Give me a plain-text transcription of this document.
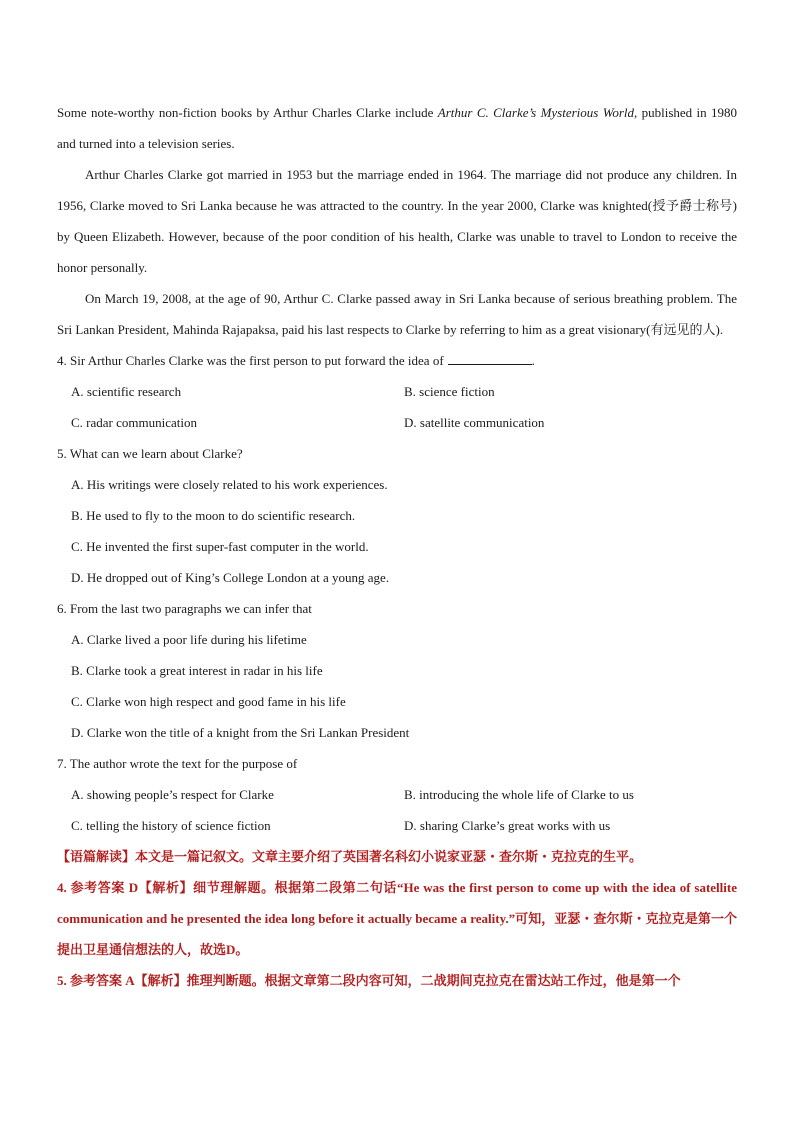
Some note-worthy non-fiction books by Arthur Charles Clarke include Arthur C. Clarke’s Mysterious World, published in 1980 and turned into a television series.

Arthur Charles Clarke got married in 1953 but the marriage ended in 1964. The marriage did not produce any children. In 1956, Clarke moved to Sri Lanka because he was attracted to the country. In the year 2000, Clarke was knighted(授予爵士称号) by Queen Elizabeth. However, because of the poor condition of his health, Clarke was unable to travel to London to receive the honor personally.

On March 19, 2008, at the age of 90, Arthur C. Clarke passed away in Sri Lanka because of serious breathing problem. The Sri Lankan President, Mahinda Rajapaksa, paid his last respects to Clarke by referring to him as a great visionary(有远见的人).

4. Sir Arthur Charles Clarke was the first person to put forward the idea of	.

A. scientific research	B. science fiction
C. radar communication	D. satellite communication

5. What can we learn about Clarke?

A. His writings were closely related to his work experiences.

B. He used to fly to the moon to do scientific research.

C. He invented the first super-fast computer in the world.

D. He dropped out of King’s College London at a young age.

6. From the last two paragraphs we can infer that

A. Clarke lived a poor life during his lifetime

B. Clarke took a great interest in radar in his life

C. Clarke won high respect and good fame in his life

D. Clarke won the title of a knight from the Sri Lankan President

7. The author wrote the text for the purpose of

A. showing people’s respect for Clarke	B. introducing the whole life of Clarke to us
C. telling the history of science fiction	D. sharing Clarke’s great works with us

【语篇解读】本文是一篇记叙文。文章主要介绍了英国著名科幻小说家亚瑟・查尔斯・克拉克的生平。

4. 参考答案 D【解析】细节理解题。根据第二段第二句话“He was the first person to come up with the idea of satellite communication and he presented the idea long before it actually became a reality.”可知，亚瑟・查尔斯・克拉克是第一个提出卫星通信想法的人，故选D。

5. 参考答案 A【解析】推理判断题。根据文章第二段内容可知，二战期间克拉克在雷达站工作过，他是第一个
